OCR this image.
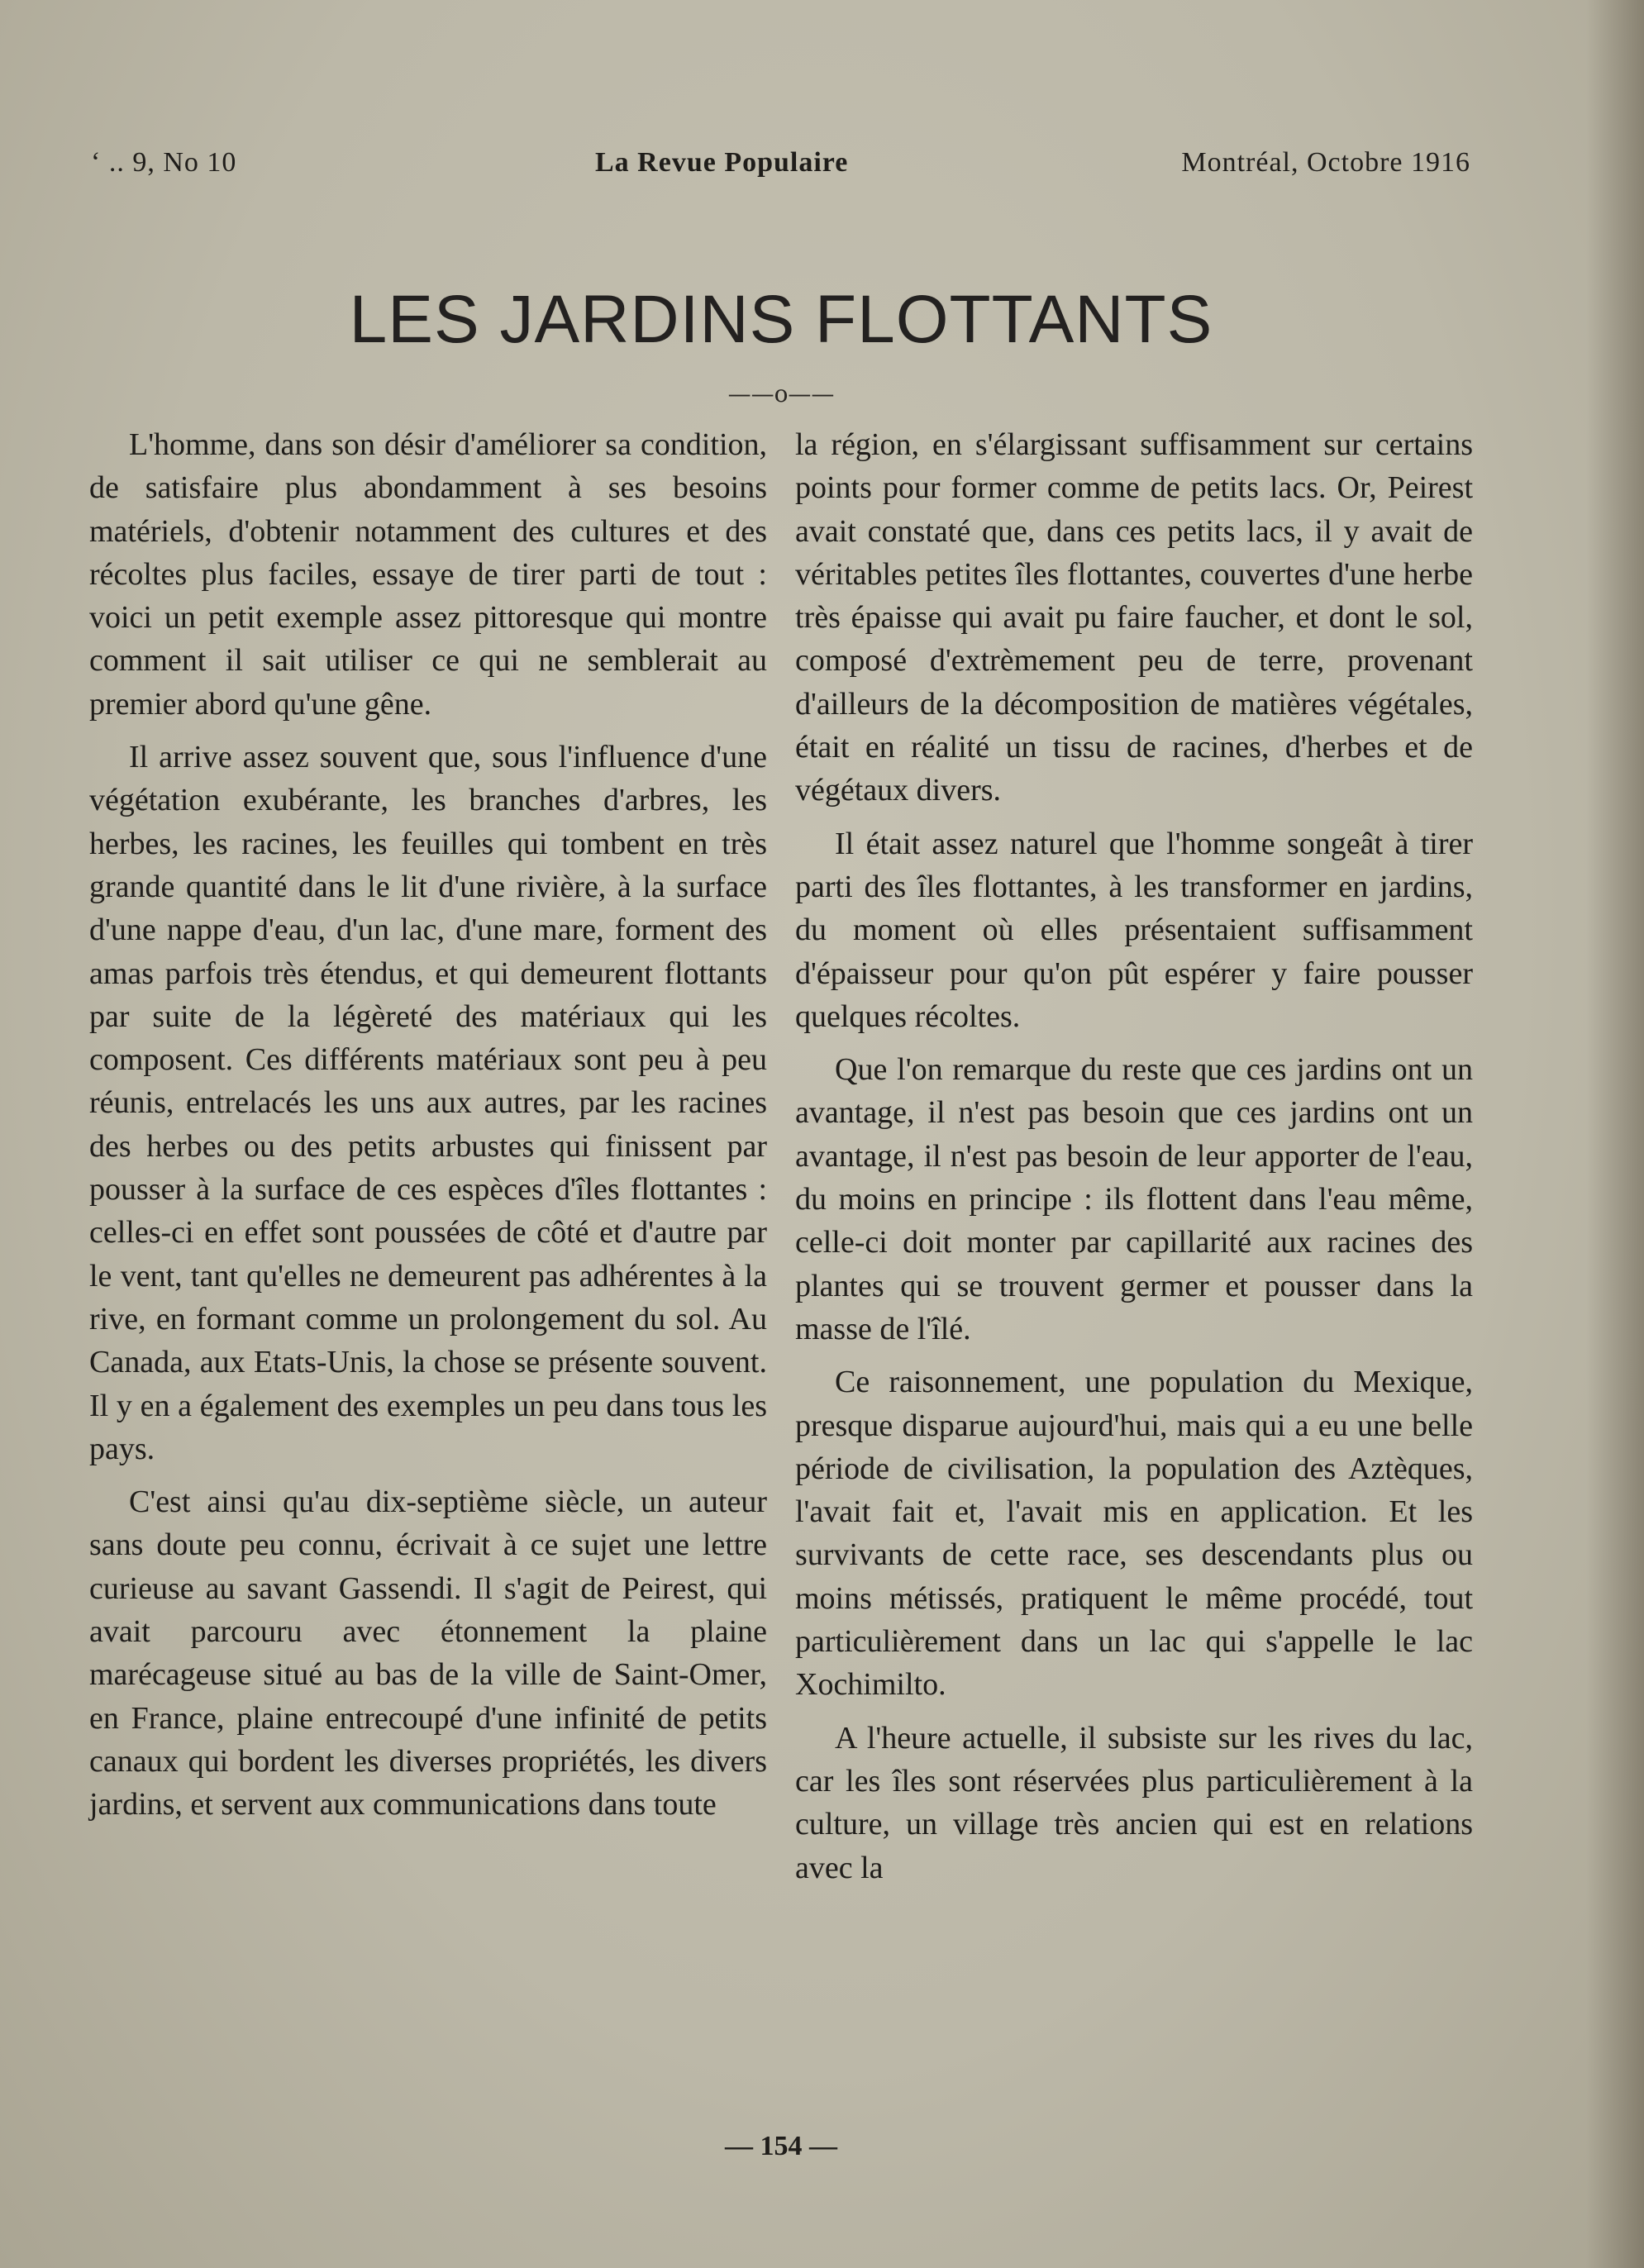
‘ .. 9, No 10	La Revue Populaire	Montréal, Octobre 1916
LES JARDINS FLOTTANTS
——o——

L'homme, dans son désir d'améliorer sa condition, de satisfaire plus abondamment à ses besoins matériels, d'obtenir notamment des cultures et des récoltes plus faciles, essaye de tirer parti de tout : voici un petit exemple assez pittoresque qui montre comment il sait utiliser ce qui ne semblerait au premier abord qu'une gêne.

Il arrive assez souvent que, sous l'influence d'une végétation exubérante, les branches d'arbres, les herbes, les racines, les feuilles qui tombent en très grande quantité dans le lit d'une rivière, à la surface d'une nappe d'eau, d'un lac, d'une mare, forment des amas parfois très étendus, et qui demeurent flottants par suite de la légèreté des matériaux qui les composent. Ces différents matériaux sont peu à peu réunis, entrelacés les uns aux autres, par les racines des herbes ou des petits arbustes qui finissent par pousser à la surface de ces espèces d'îles flottantes : celles-ci en effet sont poussées de côté et d'autre par le vent, tant qu'elles ne demeurent pas adhérentes à la rive, en formant comme un prolongement du sol. Au Canada, aux Etats-Unis, la chose se présente souvent. Il y en a également des exemples un peu dans tous les pays.

C'est ainsi qu'au dix-septième siècle, un auteur sans doute peu connu, écrivait à ce sujet une lettre curieuse au savant Gassendi. Il s'agit de Peirest, qui avait parcouru avec étonnement la plaine marécageuse situé au bas de la ville de Saint-Omer, en France, plaine entrecoupé d'une infinité de petits canaux qui bordent les diverses propriétés, les divers jardins, et servent aux communications dans toute

la région, en s'élargissant suffisamment sur certains points pour former comme de petits lacs. Or, Peirest avait constaté que, dans ces petits lacs, il y avait de véritables petites îles flottantes, couvertes d'une herbe très épaisse qui avait pu faire faucher, et dont le sol, composé d'extrèmement peu de terre, provenant d'ailleurs de la décomposition de matières végétales, était en réalité un tissu de racines, d'herbes et de végétaux divers.

Il était assez naturel que l'homme songeât à tirer parti des îles flottantes, à les transformer en jardins, du moment où elles présentaient suffisamment d'épaisseur pour qu'on pût espérer y faire pousser quelques récoltes.

Que l'on remarque du reste que ces jardins ont un avantage, il n'est pas besoin que ces jardins ont un avantage, il n'est pas besoin de leur apporter de l'eau, du moins en principe : ils flottent dans l'eau même, celle-ci doit monter par capillarité aux racines des plantes qui se trouvent germer et pousser dans la masse de l'îlé.

Ce raisonnement, une population du Mexique, presque disparue aujourd'hui, mais qui a eu une belle période de civilisation, la population des Aztèques, l'avait fait et, l'avait mis en application. Et les survivants de cette race, ses descendants plus ou moins métissés, pratiquent le même procédé, tout particulièrement dans un lac qui s'appelle le lac Xochimilto.

A l'heure actuelle, il subsiste sur les rives du lac, car les îles sont réservées plus particulièrement à la culture, un village très ancien qui est en relations avec la

— 154 —
